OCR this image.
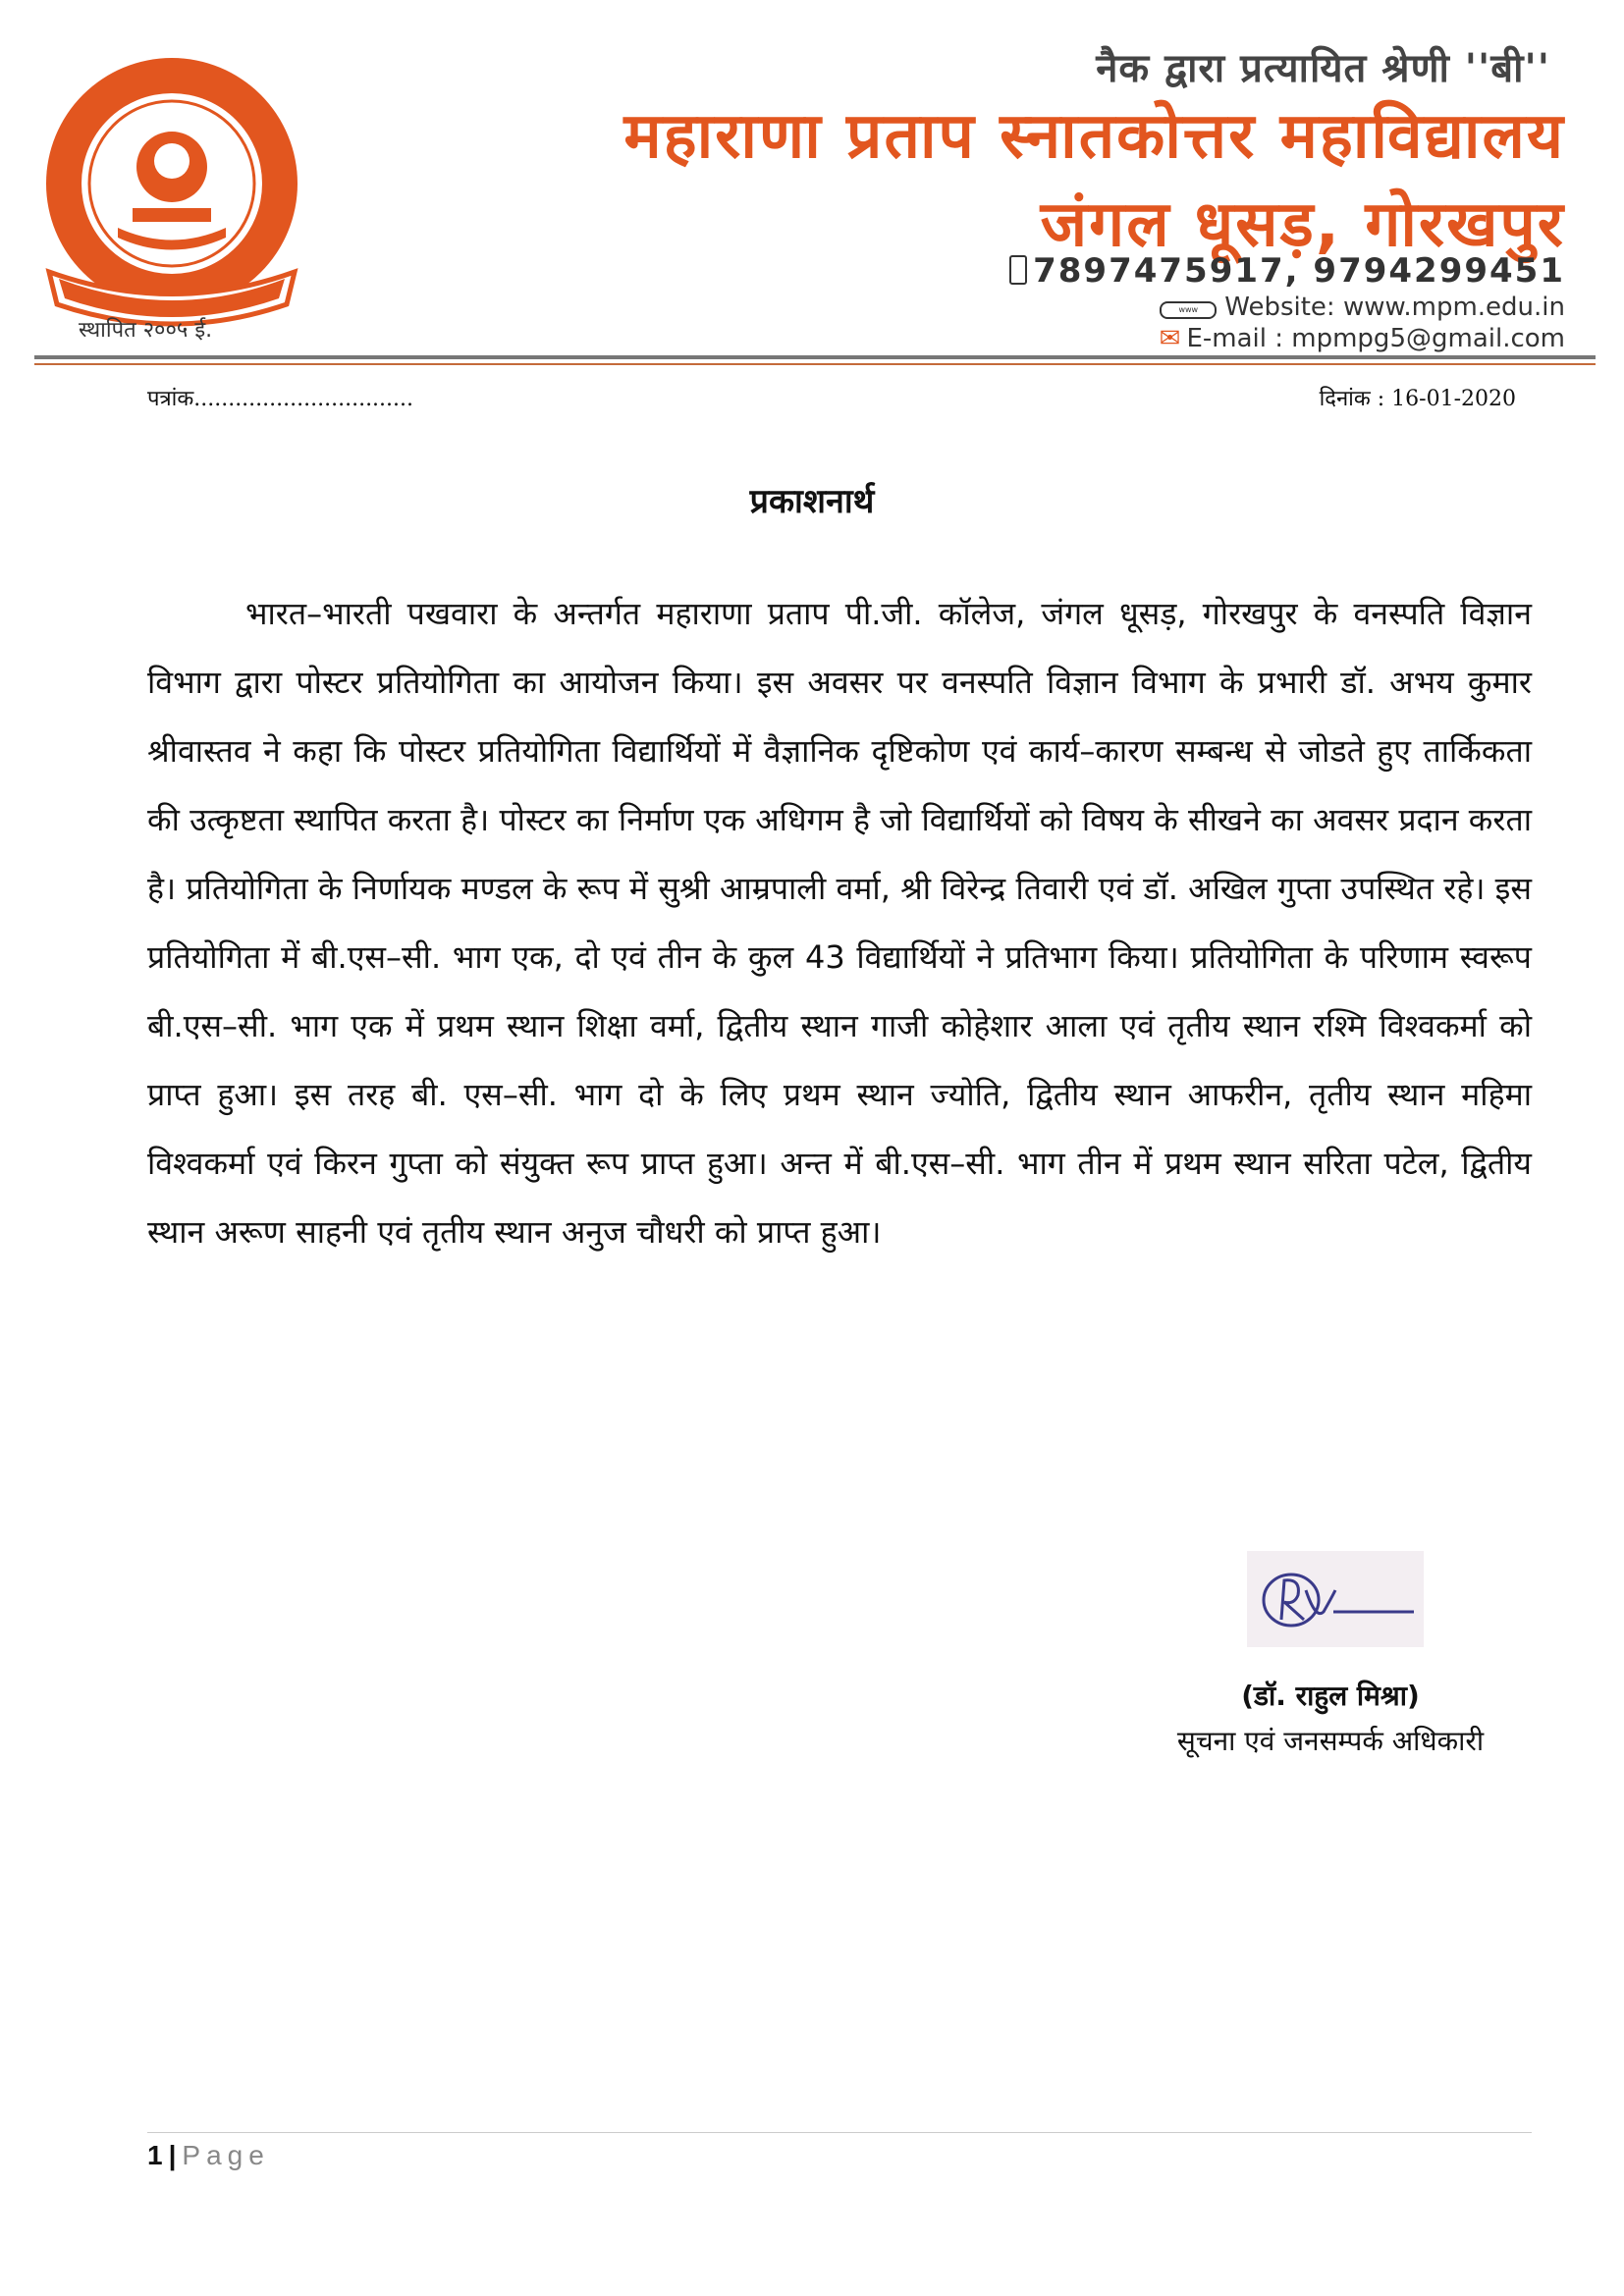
स्थापित २००५ ई.
नैक द्वारा प्रत्यायित श्रेणी ''बी''
महाराणा प्रताप स्नातकोत्तर महाविद्यालय
जंगल धूसड़, गोरखपुर
7897475917, 9794299451
www Website: www.mpm.edu.in
✉ E-mail : mpmpg5@gmail.com
पत्रांक................................	दिनांक : 16-01-2020
प्रकाशनार्थ

भारत–भारती पखवारा के अन्तर्गत महाराणा प्रताप पी.जी. कॉलेज, जंगल धूसड़, गोरखपुर के वनस्पति विज्ञान विभाग द्वारा पोस्टर प्रतियोगिता का आयोजन किया। इस अवसर पर वनस्पति विज्ञान विभाग के प्रभारी डॉ. अभय कुमार श्रीवास्तव ने कहा कि पोस्टर प्रतियोगिता विद्यार्थियों में वैज्ञानिक दृष्टिकोण एवं कार्य–कारण सम्बन्ध से जोडते हुए तार्किकता की उत्कृष्टता स्थापित करता है। पोस्टर का निर्माण एक अधिगम है जो विद्यार्थियों को विषय के सीखने का अवसर प्रदान करता है। प्रतियोगिता के निर्णायक मण्डल के रूप में सुश्री आम्रपाली वर्मा, श्री विरेन्द्र तिवारी एवं डॉ. अखिल गुप्ता उपस्थित रहे। इस प्रतियोगिता में बी.एस–सी. भाग एक, दो एवं तीन के कुल 43 विद्यार्थियों ने प्रतिभाग किया। प्रतियोगिता के परिणाम स्वरूप बी.एस–सी. भाग एक में प्रथम स्थान शिक्षा वर्मा, द्वितीय स्थान गाजी कोहेशार आला एवं तृतीय स्थान रश्मि विश्वकर्मा को प्राप्त हुआ। इस तरह बी. एस–सी. भाग दो के लिए प्रथम स्थान ज्योति, द्वितीय स्थान आफरीन, तृतीय स्थान महिमा विश्वकर्मा एवं किरन गुप्ता को संयुक्त रूप प्राप्त हुआ। अन्त में बी.एस–सी. भाग तीन में प्रथम स्थान सरिता पटेल, द्वितीय स्थान अरूण साहनी एवं तृतीय स्थान अनुज चौधरी को प्राप्त हुआ।

(डॉ. राहुल मिश्रा)
सूचना एवं जनसम्पर्क अधिकारी
1 | Page
